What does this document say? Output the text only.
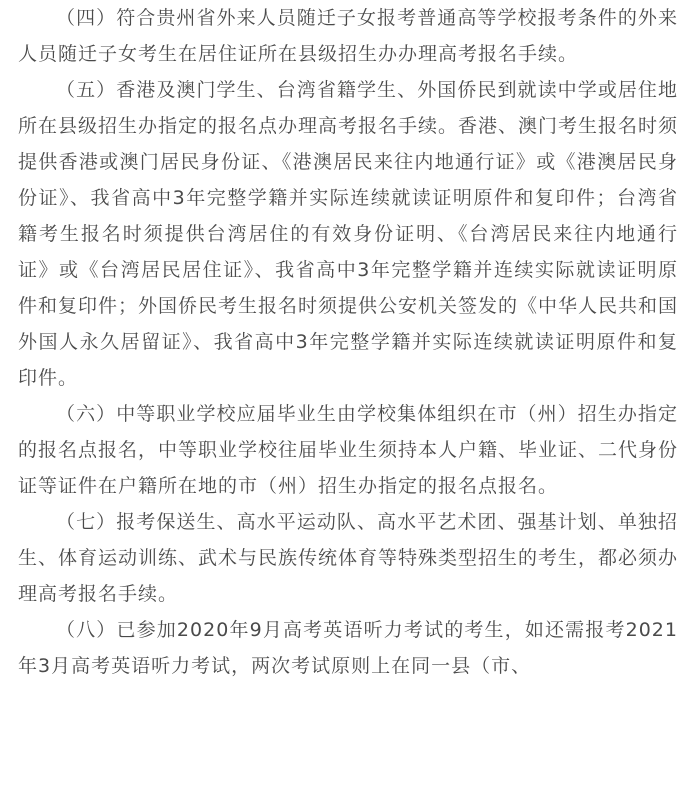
（四）符合贵州省外来人员随迁子女报考普通高等学校报考条件的外来人员随迁子女考生在居住证所在县级招生办办理高考报名手续。

（五）香港及澳门学生、台湾省籍学生、外国侨民到就读中学或居住地所在县级招生办指定的报名点办理高考报名手续。香港、澳门考生报名时须提供香港或澳门居民身份证、《港澳居民来往内地通行证》或《港澳居民身份证》、我省高中3年完整学籍并实际连续就读证明原件和复印件；台湾省籍考生报名时须提供台湾居住的有效身份证明、《台湾居民来往内地通行证》或《台湾居民居住证》、我省高中3年完整学籍并连续实际就读证明原件和复印件；外国侨民考生报名时须提供公安机关签发的《中华人民共和国外国人永久居留证》、我省高中3年完整学籍并实际连续就读证明原件和复印件。

（六）中等职业学校应届毕业生由学校集体组织在市（州）招生办指定的报名点报名，中等职业学校往届毕业生须持本人户籍、毕业证、二代身份证等证件在户籍所在地的市（州）招生办指定的报名点报名。

（七）报考保送生、高水平运动队、高水平艺术团、强基计划、单独招生、体育运动训练、武术与民族传统体育等特殊类型招生的考生，都必须办理高考报名手续。

（八）已参加2020年9月高考英语听力考试的考生，如还需报考2021年3月高考英语听力考试，两次考试原则上在同一县（市、
